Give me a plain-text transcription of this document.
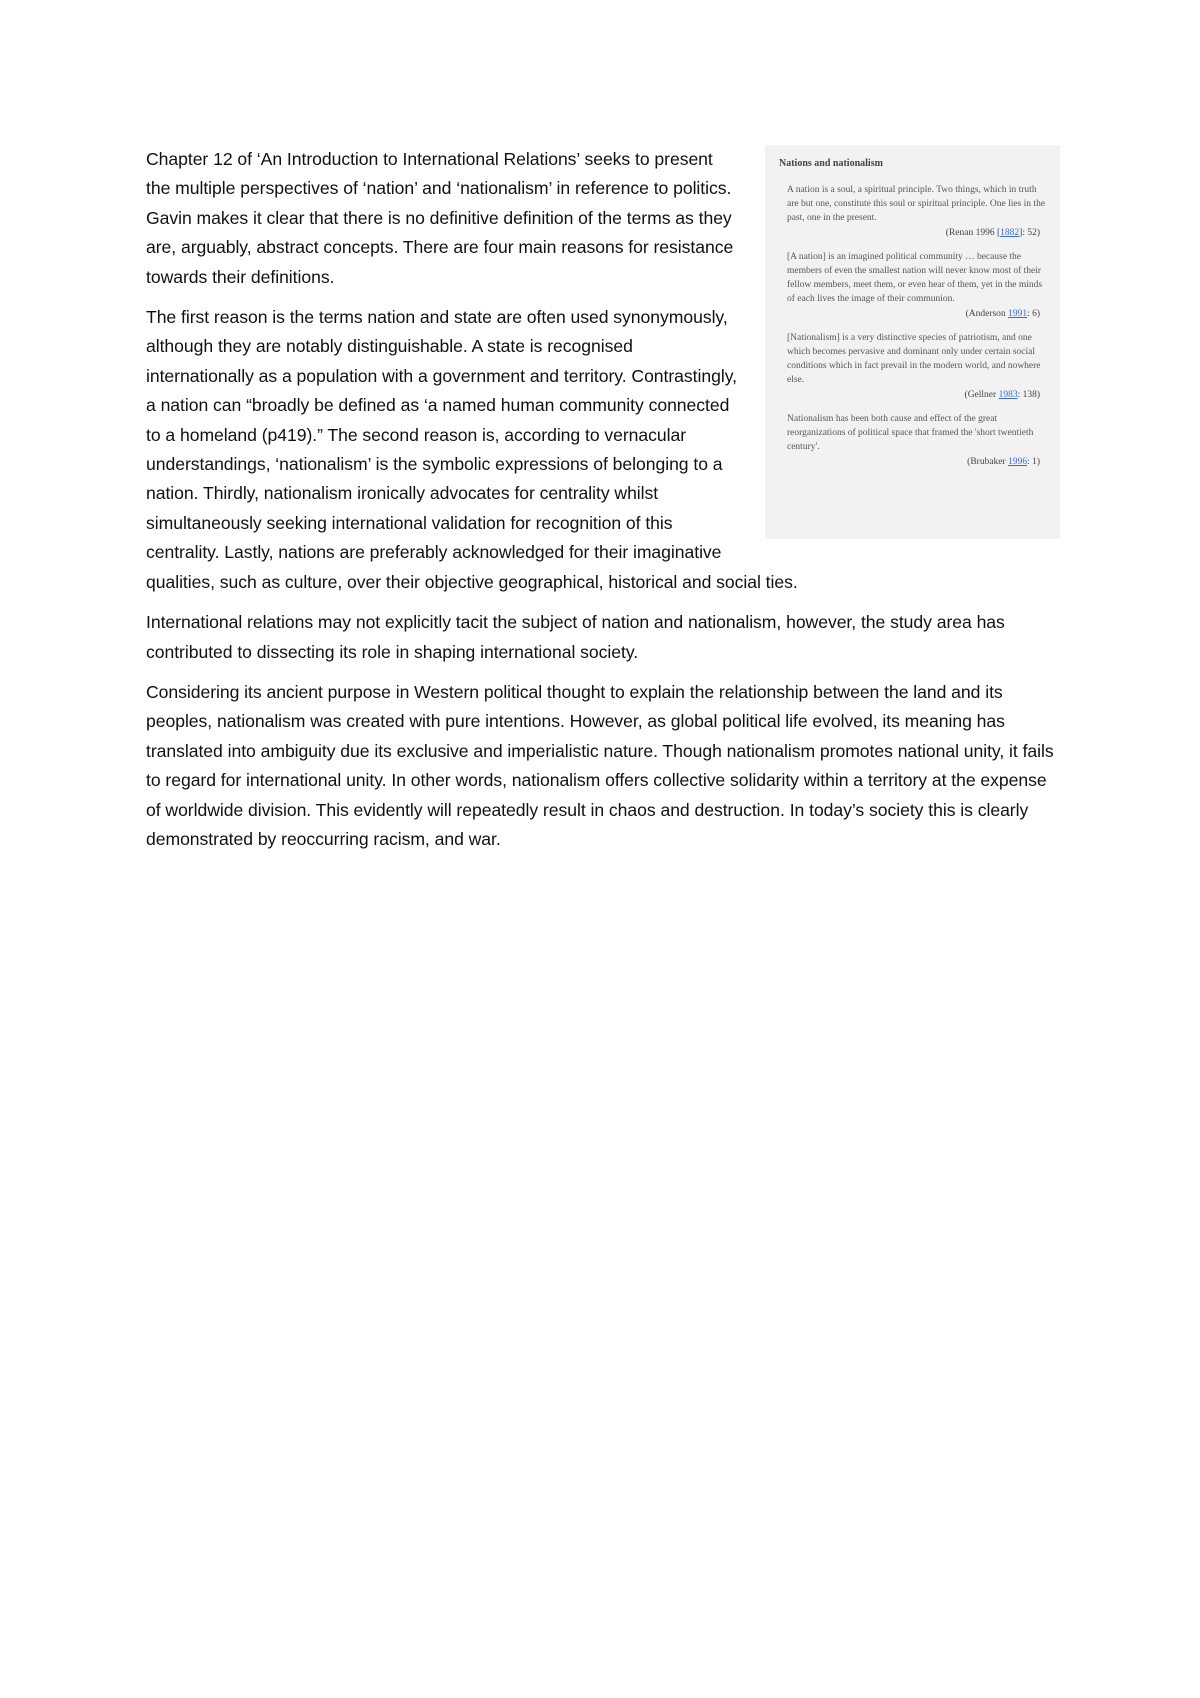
Nations and nationalism
A nation is a soul, a spiritual principle. Two things, which in truth are but one, constitute this soul or spiritual principle. One lies in the past, one in the present.
(Renan 1996 [1882]: 52)
[A nation] is an imagined political community … because the members of even the smallest nation will never know most of their fellow members, meet them, or even hear of them, yet in the minds of each lives the image of their communion.
(Anderson 1991: 6)
[Nationalism] is a very distinctive species of patriotism, and one which becomes pervasive and dominant only under certain social conditions which in fact prevail in the modern world, and nowhere else.
(Gellner 1983: 138)
Nationalism has been both cause and effect of the great reorganizations of political space that framed the 'short twentieth century'.
(Brubaker 1996: 1)

Chapter 12 of ‘An Introduction to International Relations’ seeks to present the multiple perspectives of ‘nation’ and ‘nationalism’ in reference to politics. Gavin makes it clear that there is no definitive definition of the terms as they are, arguably, abstract concepts. There are four main reasons for resistance towards their definitions.

The first reason is the terms nation and state are often used synonymously, although they are notably distinguishable. A state is recognised internationally as a population with a government and territory. Contrastingly, a nation can “broadly be defined as ‘a named human community connected to a homeland (p419).” The second reason is, according to vernacular understandings, ‘nationalism’ is the symbolic expressions of belonging to a nation. Thirdly, nationalism ironically advocates for centrality whilst simultaneously seeking international validation for recognition of this centrality. Lastly, nations are preferably acknowledged for their imaginative qualities, such as culture, over their objective geographical, historical and social ties.

International relations may not explicitly tacit the subject of nation and nationalism, however, the study area has contributed to dissecting its role in shaping international society.

Considering its ancient purpose in Western political thought to explain the relationship between the land and its peoples, nationalism was created with pure intentions. However, as global political life evolved, its meaning has translated into ambiguity due its exclusive and imperialistic nature. Though nationalism promotes national unity, it fails to regard for international unity. In other words, nationalism offers collective solidarity within a territory at the expense of worldwide division. This evidently will repeatedly result in chaos and destruction. In today’s society this is clearly demonstrated by reoccurring racism, and war.
